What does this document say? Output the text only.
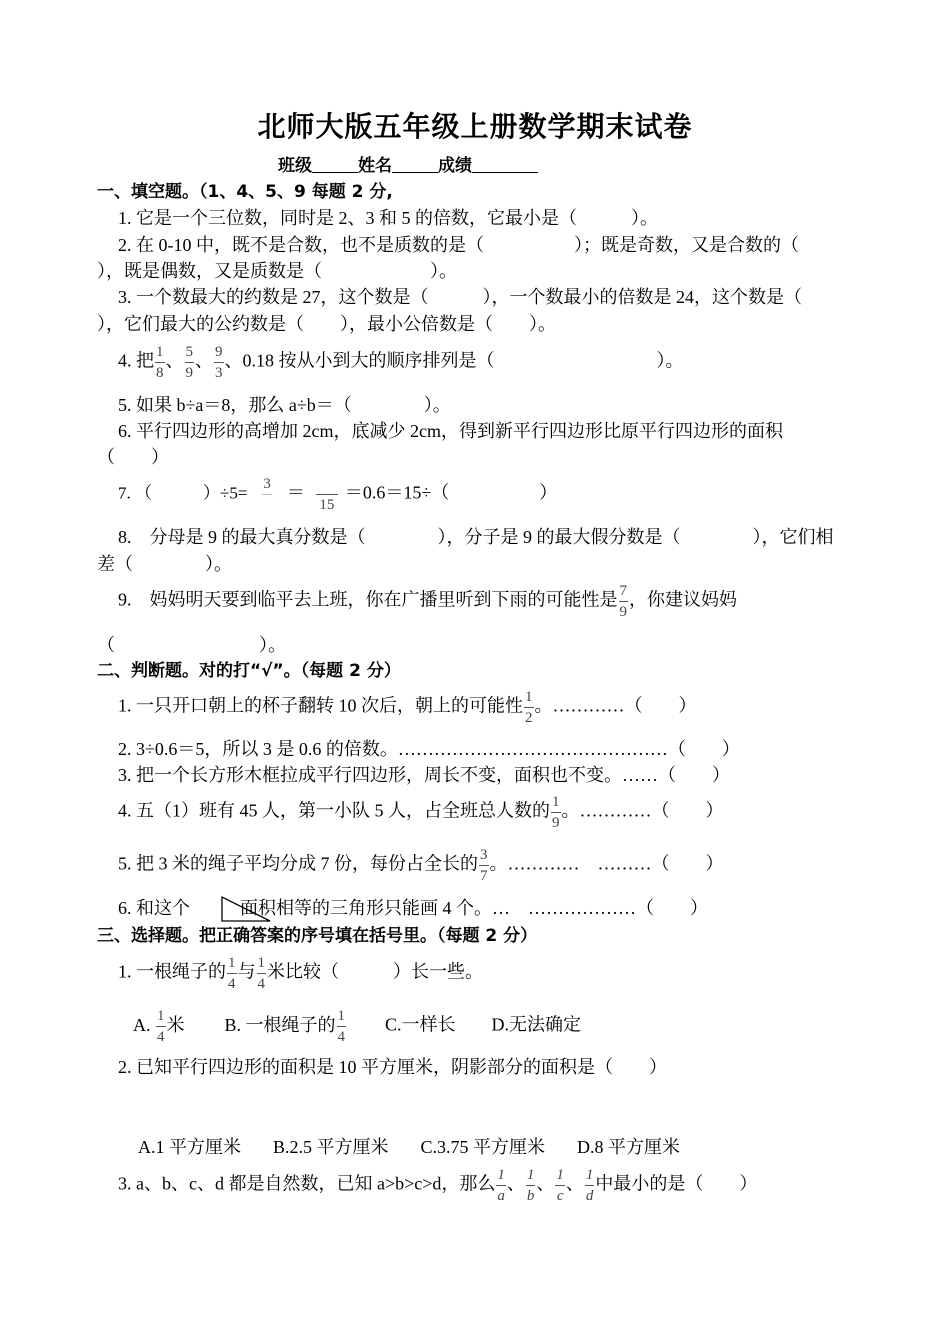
北师大版五年级上册数学期末试卷
班级	姓名	成绩
一、填空题。（1、4、5、9 每题 2 分,
1. 它是一个三位数，同时是 2、3 和 5 的倍数，它最小是（　　　）。
2. 在 0-10 中，既不是合数，也不是质数的是（　　　　　）；既是奇数，又是合数的（
），既是偶数，又是质数是（　　　　　　）。
3. 一个数最大的约数是 27，这个数是（　　　），一个数最小的倍数是 24，这个数是（
），它们最大的公约数是（　　），最小公倍数是（　　）。
4. 把 $\frac{1}{8}$ 、 $\frac{5}{9}$ 、 $\frac{9}{3}$ 、0.18 按从小到大的顺序排列是（　　　　　　　　　）。
5. 如果 b÷a＝8，那么 a÷b＝（　　　　）。
6. 平行四边形的高增加 2cm，底减少 2cm，得到新平行四边形比原平行四边形的面积
（　　）
7. （　　　）÷5= 3 ＝
15
＝0.6＝15÷（　　　　　）
8.　分母是 9 的最大真分数是（　　　　），分子是 9 的最大假分数是（　　　　），它们相
差（　　　　）。
9.　妈妈明天要到临平去上班，你在广播里听到下雨的可能性是 $\frac{7}{9}$ ，你建议妈妈
（　　　　　　　　）。
二、判断题。对的打“√”。（每题 2 分）
1. 一只开口朝上的杯子翻转 10 次后，朝上的可能性 $\frac{1}{2}$ 。…………（　　）
2. 3÷0.6＝5，所以 3 是 0.6 的倍数。………………………………………（　　）
3. 把一个长方形木框拉成平行四边形，周长不变，面积也不变。……（　　）
4. 五（1）班有 45 人，第一小队 5 人，占全班总人数的 $\frac{1}{9}$ 。…………（　　）
5. 把 3 米的绳子平均分成 7 份，每份占全长的 $\frac{3}{7}$ 。…………　………（　　）
6. 和这个	面积相等的三角形只能画 4 个。…　………………（　　）
三、选择题。把正确答案的序号填在括号里。（每题 2 分）
1. 一根绳子的 $\frac{1}{4}$ 与 $\frac{1}{4}$ 米比较（　　　）长一些。
A. $\frac{1}{4}$ 米 B. 一根绳子的 $\frac{1}{4} C$.一样长 D.无法确定
2. 已知平行四边形的面积是 10 平方厘米，阴影部分的面积是（　　）
A.1 平方厘米 B.2.5 平方厘米 C.3.75 平方厘米 D.8 平方厘米
3. a、b、c、d 都是自然数，已知 a>b>c>d，那么 $\frac{1}{a}$ 、 $\frac{1}{b}$ 、 $\frac{1}{c}$ 、 $\frac{1}{d}$ 中最小的是（　　）
